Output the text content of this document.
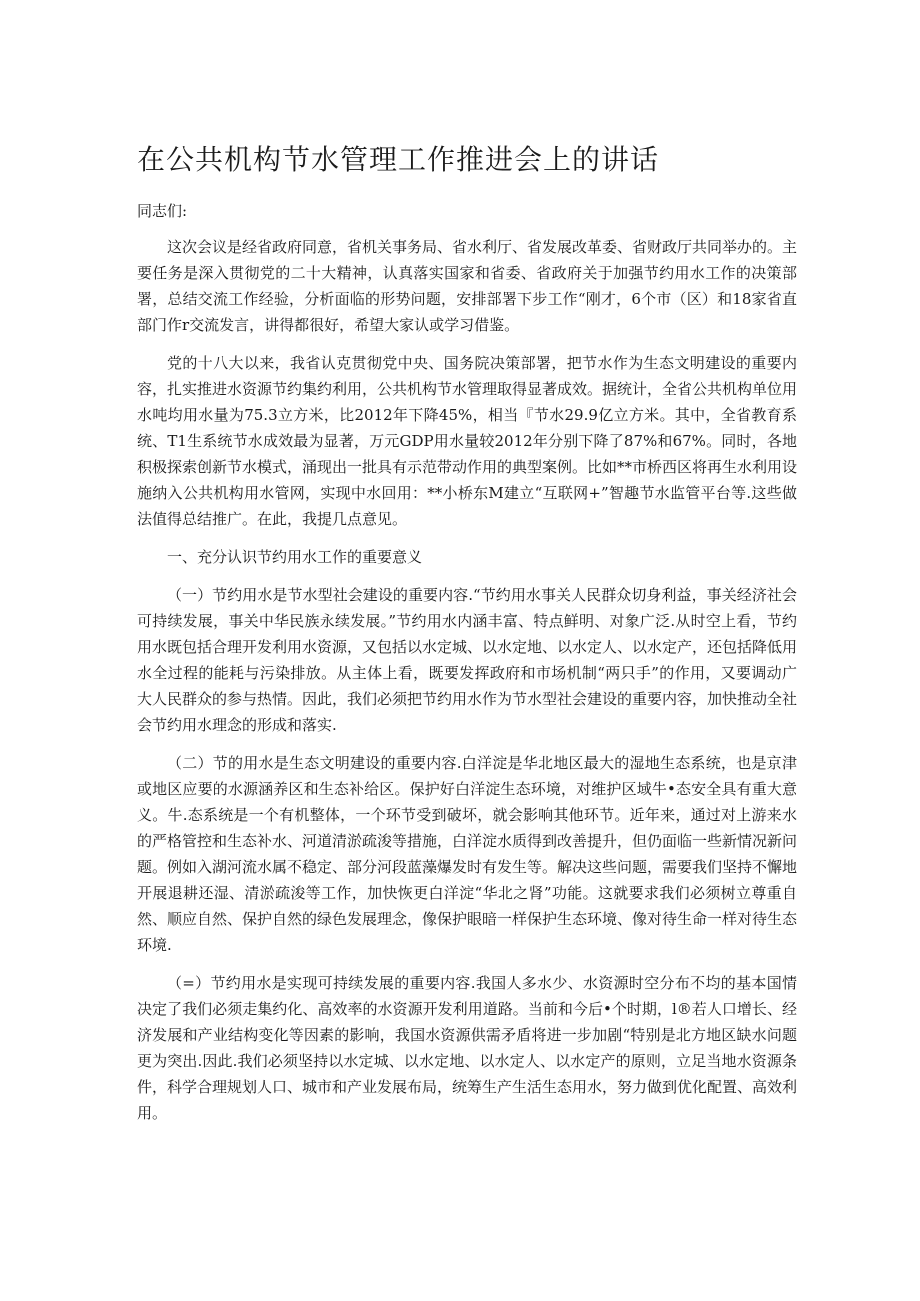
在公共机构节水管理工作推进会上的讲话

同志们:

这次会议是经省政府同意，省机关事务局、省水利厅、省发展改革委、省财政厅共同举办的。主要任务是深入贯彻党的二十大精神，认真落实国家和省委、省政府关于加强节约用水工作的决策部署，总结交流工作经验，分析面临的形势问题，安排部署下步工作“刚才，6个市（区）和18家省直部门作r交流发言，讲得都很好，希望大家认或学习借鉴。

党的十八大以来，我省认克贯彻党中央、国务院决策部署，把节水作为生态文明建设的重要内容，扎实推进水资源节约集约利用，公共机构节水管理取得显著成效。据统计，全省公共机构单位用水吨均用水量为75.3立方米，比2012年下降45%，相当『节水29.9亿立方米。其中，全省教育系统、T1生系统节水成效最为显著，万元GDP用水量较2012年分别下降了87%和67%。同时，各地积极探索创新节水模式，涌现出一批具有示范带动作用的典型案例。比如**市桥西区将再生水利用设施纳入公共机构用水管网，实现中水回用：**小桥东M建立“互联网+”智趣节水监管平台等.这些做法值得总结推广。在此，我提几点意见。

一、充分认识节约用水工作的重要意义

（一）节约用水是节水型社会建设的重要内容.“节约用水事关人民群众切身利益，事关经济社会可持续发展，事关中华民族永续发展。”节约用水内涵丰富、特点鲜明、对象广泛.从时空上看，节约用水既包括合理开发利用水资源，又包括以水定城、以水定地、以水定人、以水定产，还包括降低用水全过程的能耗与污染排放。从主体上看，既要发挥政府和市场机制“两只手”的作用，又要调动广大人民群众的参与热情。因此，我们必须把节约用水作为节水型社会建设的重要内容，加快推动全社会节约用水理念的形成和落实.

（二）节的用水是生态文明建设的重要内容.白洋淀是华北地区最大的湿地生态系统，也是京津或地区应要的水源涵养区和生态补给区。保护好白洋淀生态环境，对维护区域牛•态安全具有重大意义。牛.态系统是一个有机整体，一个环节受到破坏，就会影响其他环节。近年来，通过对上游来水的严格管控和生态补水、河道清淤疏浚等措施，白洋淀水质得到改善提升，但仍面临一些新情况新问题。例如入湖河流水属不稳定、部分河段蓝藻爆发时有发生等。解决这些问题，需要我们坚持不懈地开展退耕还湿、清淤疏浚等工作，加快恢更白洋淀“华北之肾”功能。这就要求我们必须树立尊重自然、顺应自然、保护自然的绿色发展理念，像保护眼暗一样保护生态环境、像对待生命一样对待生态环境.

（=）节约用水是实现可持续发展的重要内容.我国人多水少、水资源时空分布不均的基本国情决定了我们必须走集约化、高效率的水资源开发利用道路。当前和今后•个时期，l®若人口增长、经济发展和产业结构变化等因素的影响，我国水资源供需矛盾将进一步加剧“特别是北方地区缺水问题更为突出.因此.我们必须坚持以水定城、以水定地、以水定人、以水定产的原则，立足当地水资源条件，科学合理规划人口、城市和产业发展布局，统筹生产生活生态用水，努力做到优化配置、高效利用。
